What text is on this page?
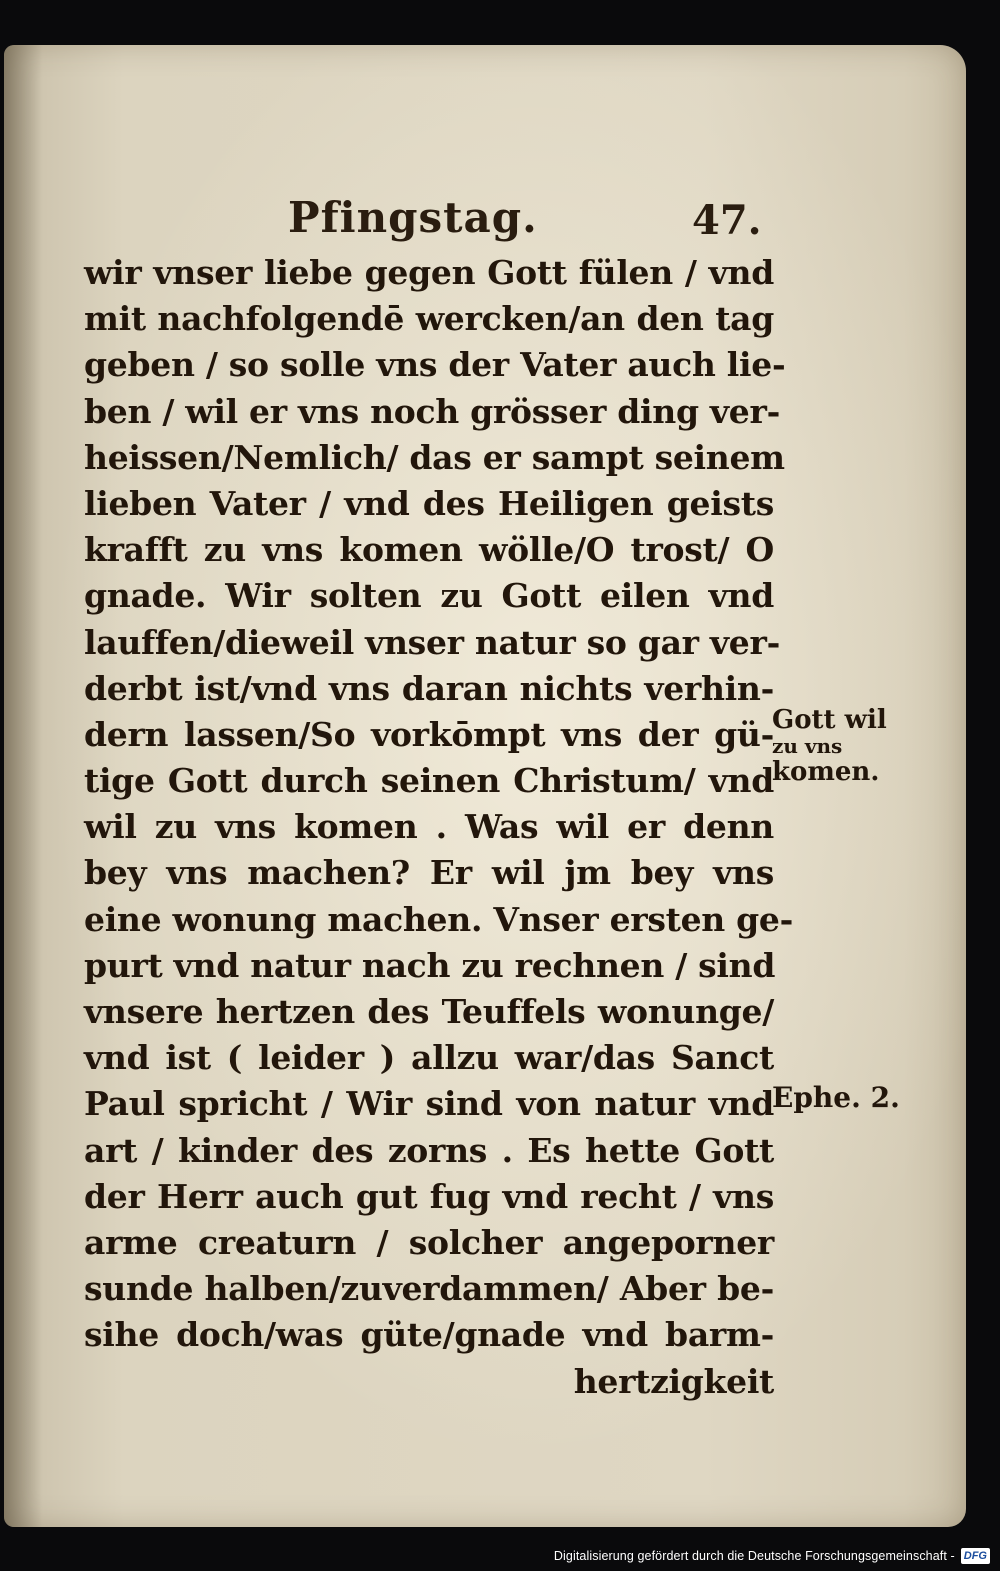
Pfingstag.	47.
wir vnser liebe gegen Gott fülen / vnd
mit nachfolgendē wercken/an den tag
geben / so solle vns der Vater auch lie-
ben / wil er vns noch grösser ding ver-
heissen/Nemlich/ das er sampt seinem
lieben Vater / vnd des Heiligen geists
krafft zu vns komen wölle/O trost/ O
gnade. Wir solten zu Gott eilen vnd
lauffen/dieweil vnser natur so gar ver-
derbt ist/vnd vns daran nichts verhin-
dern lassen/So vorkōmpt vns der gü-
tige Gott durch seinen Christum/ vnd
wil zu vns komen . Was wil er denn
bey vns machen? Er wil jm bey vns
eine wonung machen. Vnser ersten ge-
purt vnd natur nach zu rechnen / sind
vnsere hertzen des Teuffels wonunge/
vnd ist ( leider ) allzu war/das Sanct
Paul spricht / Wir sind von natur vnd
art / kinder des zorns . Es hette Gott
der Herr auch gut fug vnd recht / vns
arme creaturn / solcher angeporner
sunde halben/zuverdammen/ Aber be-
sihe doch/was güte/gnade vnd barm-
hertzigkeit
Gott wil
zu vns
komen.
Ephe. 2.
Digitalisierung gefördert durch die Deutsche Forschungsgemeinschaft - DFG
